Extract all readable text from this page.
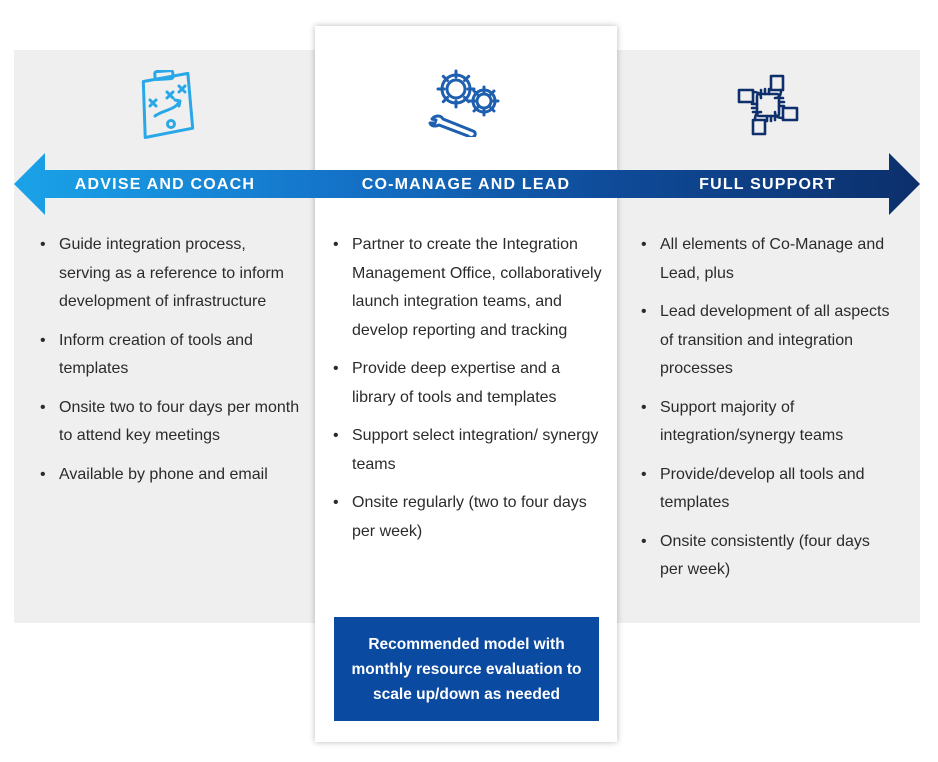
ADVISE AND COACH	CO-MANAGE AND LEAD	FULL SUPPORT
• Guide integration process, serving as a reference to inform development of infrastructure
• Inform creation of tools and templates
• Onsite two to four days per month to attend key meetings
• Available by phone and email
• Partner to create the Integration Management Office, collaboratively launch integration teams, and develop reporting and tracking
• Provide deep expertise and a library of tools and templates
• Support select integration/ synergy teams
• Onsite regularly (two to four days per week)
• All elements of Co-Manage and Lead, plus
• Lead development of all aspects of transition and integration processes
• Support majority of integration/synergy teams
• Provide/develop all tools and templates
• Onsite consistently (four days per week)
Recommended model with monthly resource evaluation to scale up/down as needed
